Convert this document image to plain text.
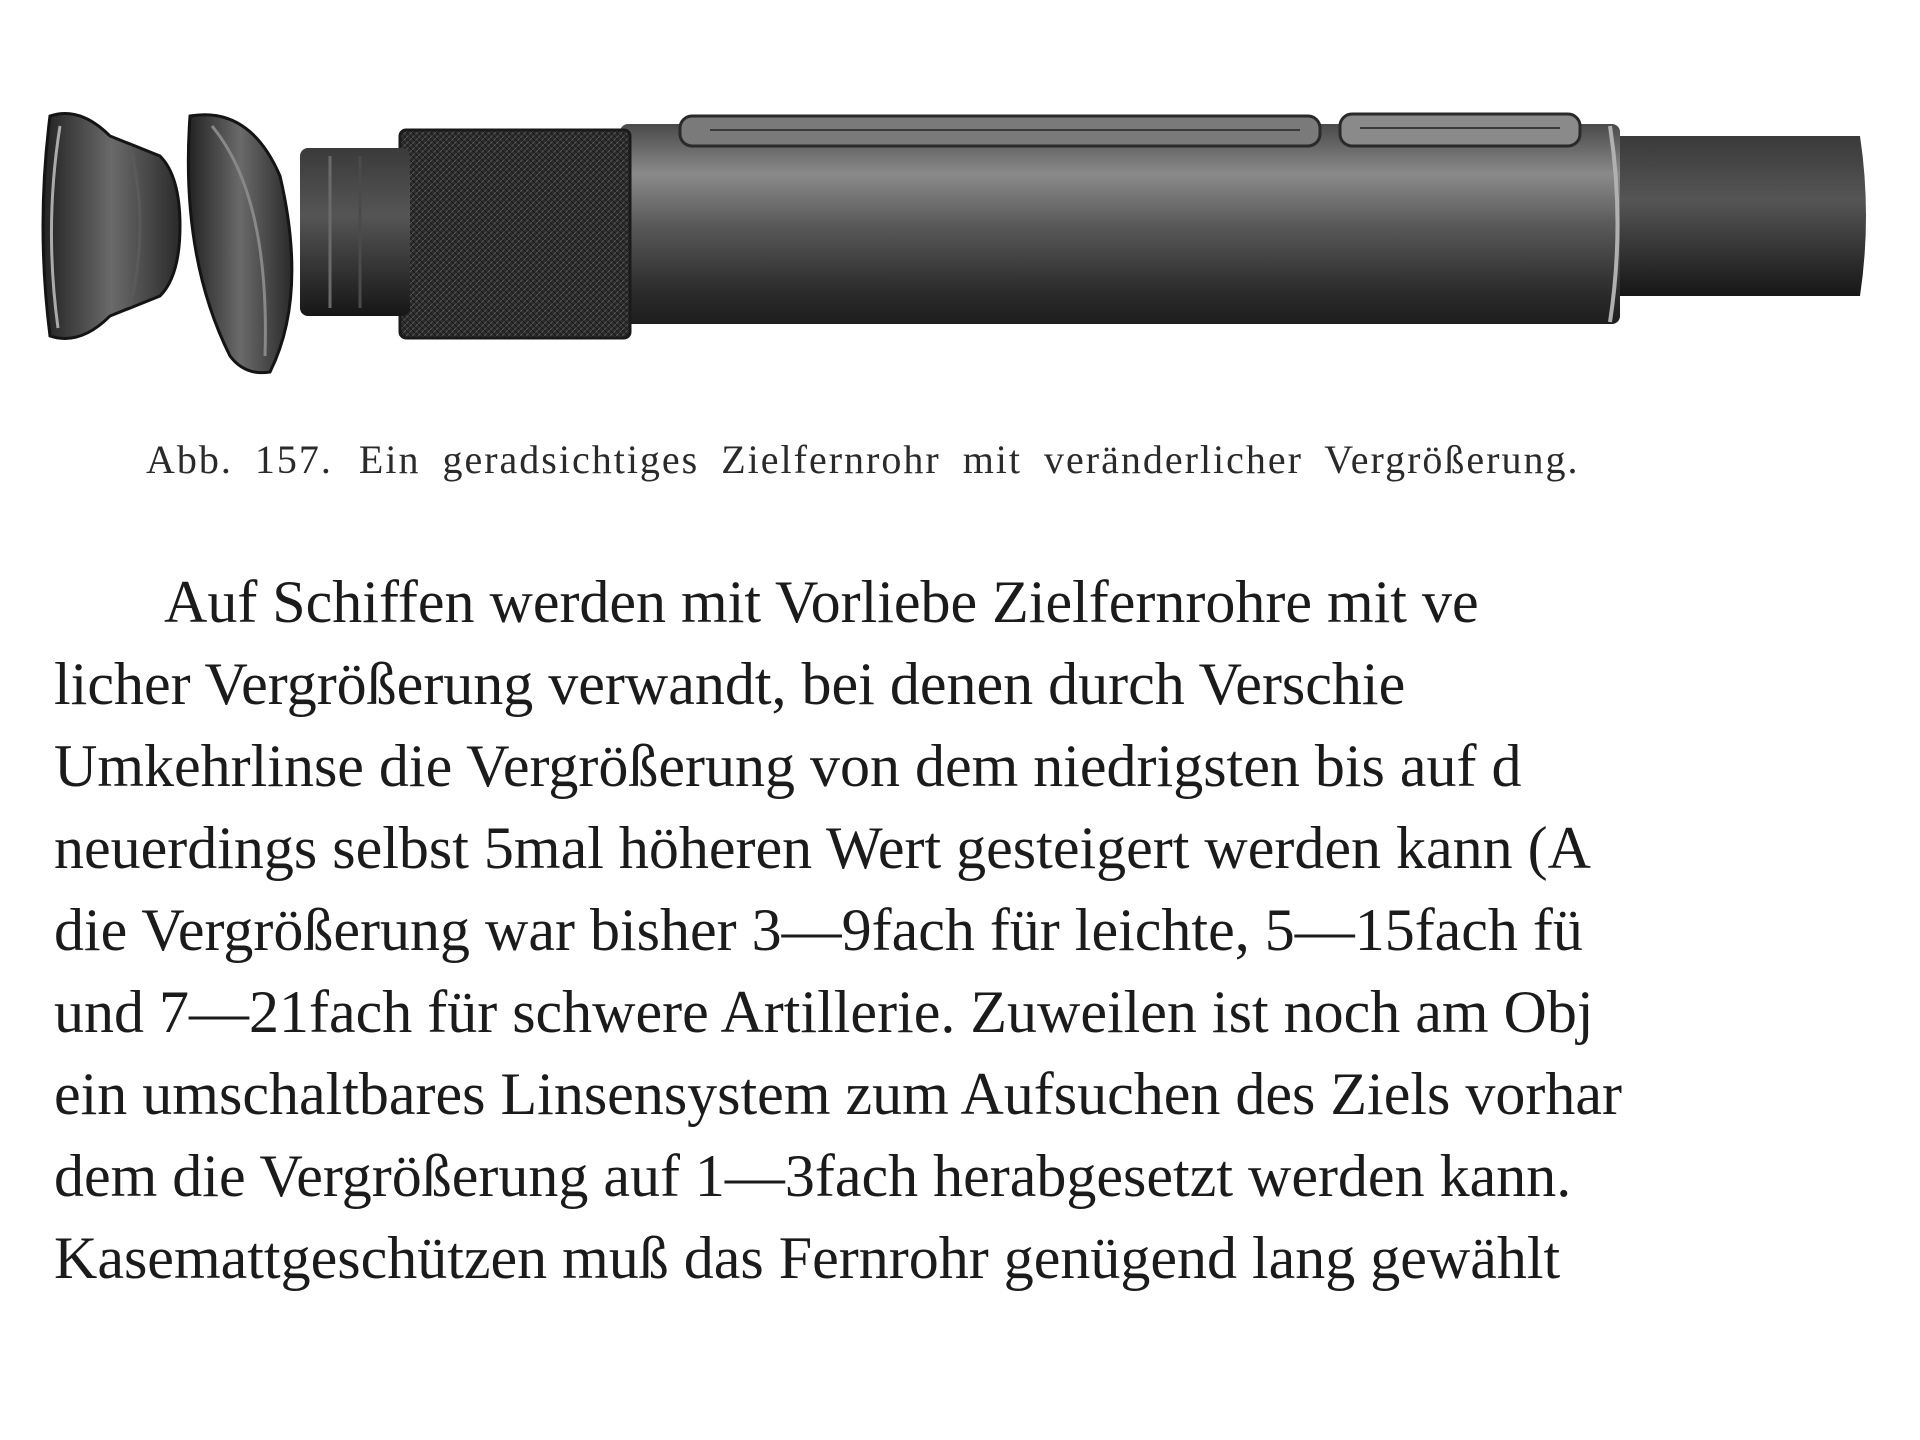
Abb. 157. Ein geradsichtiges Zielfernrohr mit veränderlicher Vergrößerung.
Auf Schiffen werden mit Vorliebe Zielfernrohre mit ve
licher Vergrößerung verwandt, bei denen durch Verschie
Umkehrlinse die Vergrößerung von dem niedrigsten bis auf d
neuerdings selbst 5mal höheren Wert gesteigert werden kann (A
die Vergrößerung war bisher 3—9fach für leichte, 5—15fach fü
und 7—21fach für schwere Artillerie. Zuweilen ist noch am Obj
ein umschaltbares Linsensystem zum Aufsuchen des Ziels vorhar
dem die Vergrößerung auf 1—3fach herabgesetzt werden kann.
Kasemattgeschützen muß das Fernrohr genügend lang gewählt
